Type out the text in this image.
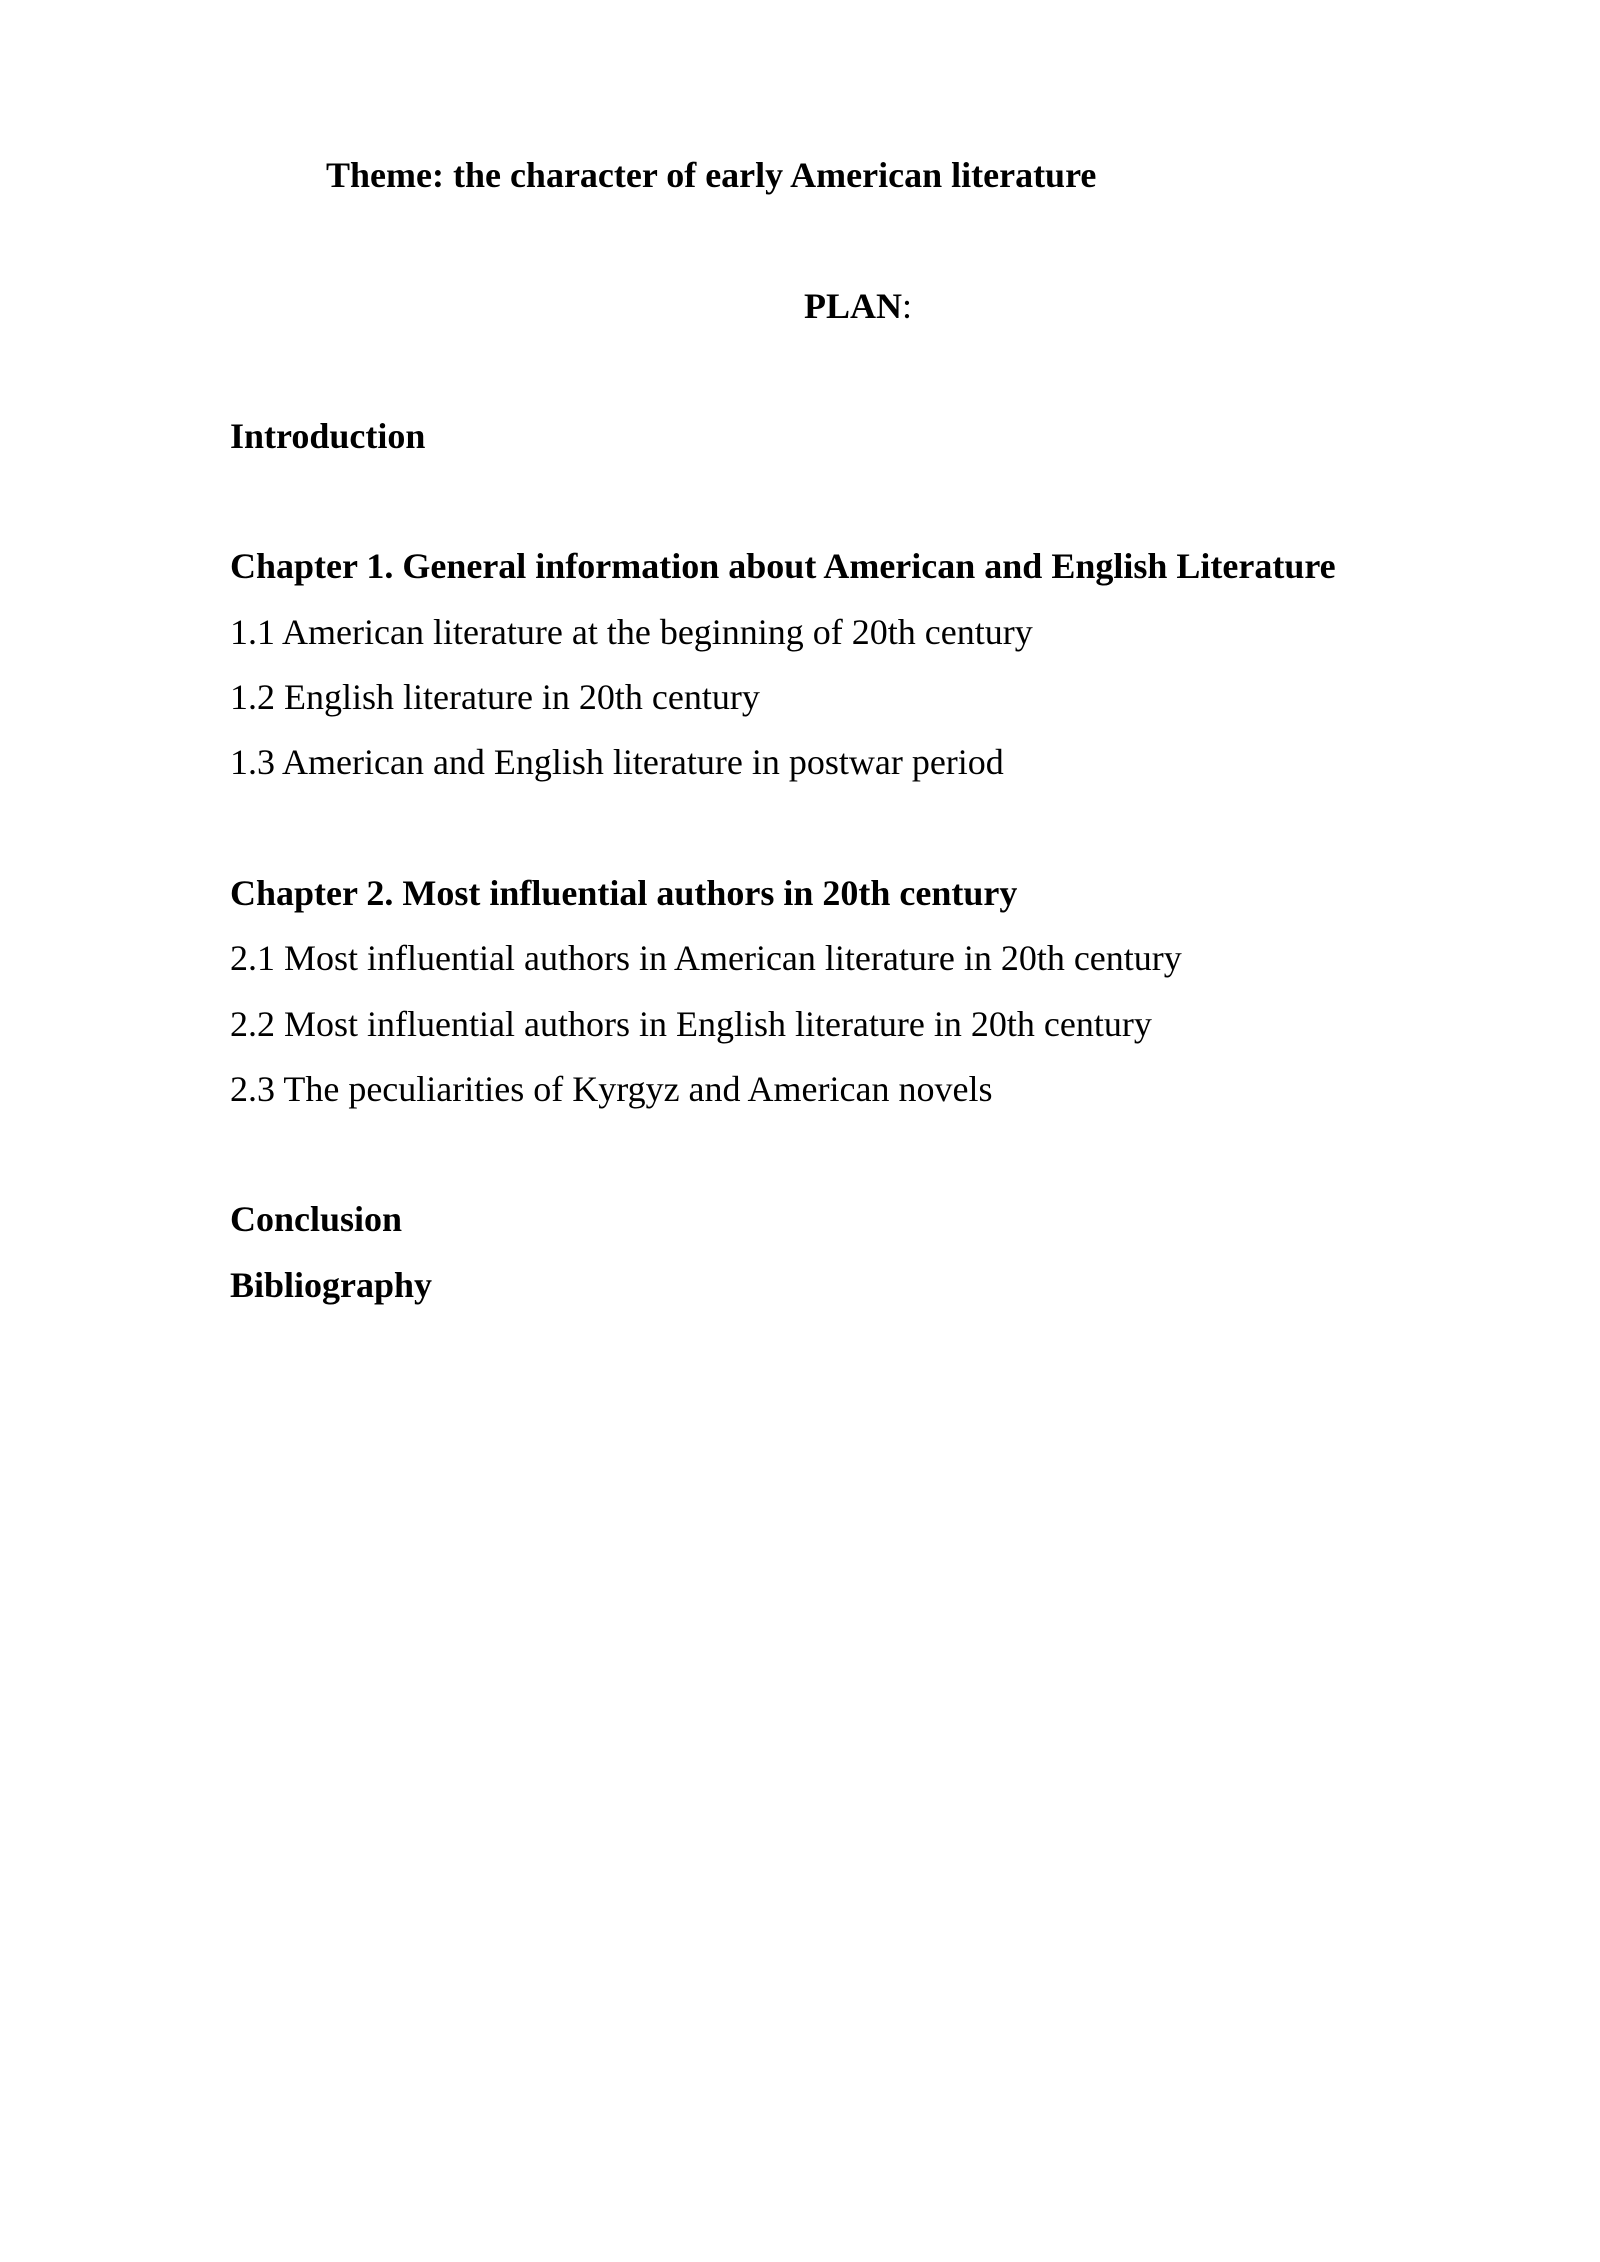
Theme: the character of early American literature
PLAN:
Introduction
Chapter 1. General information about American and English Literature
1.1 American literature at the beginning of 20th century
1.2 English literature in 20th century
1.3 American and English literature in postwar period
Chapter 2. Most influential authors in 20th century
2.1 Most influential authors in American literature in 20th century
2.2 Most influential authors in English literature in 20th century
2.3 The peculiarities of Kyrgyz and American novels
Conclusion
Bibliography
